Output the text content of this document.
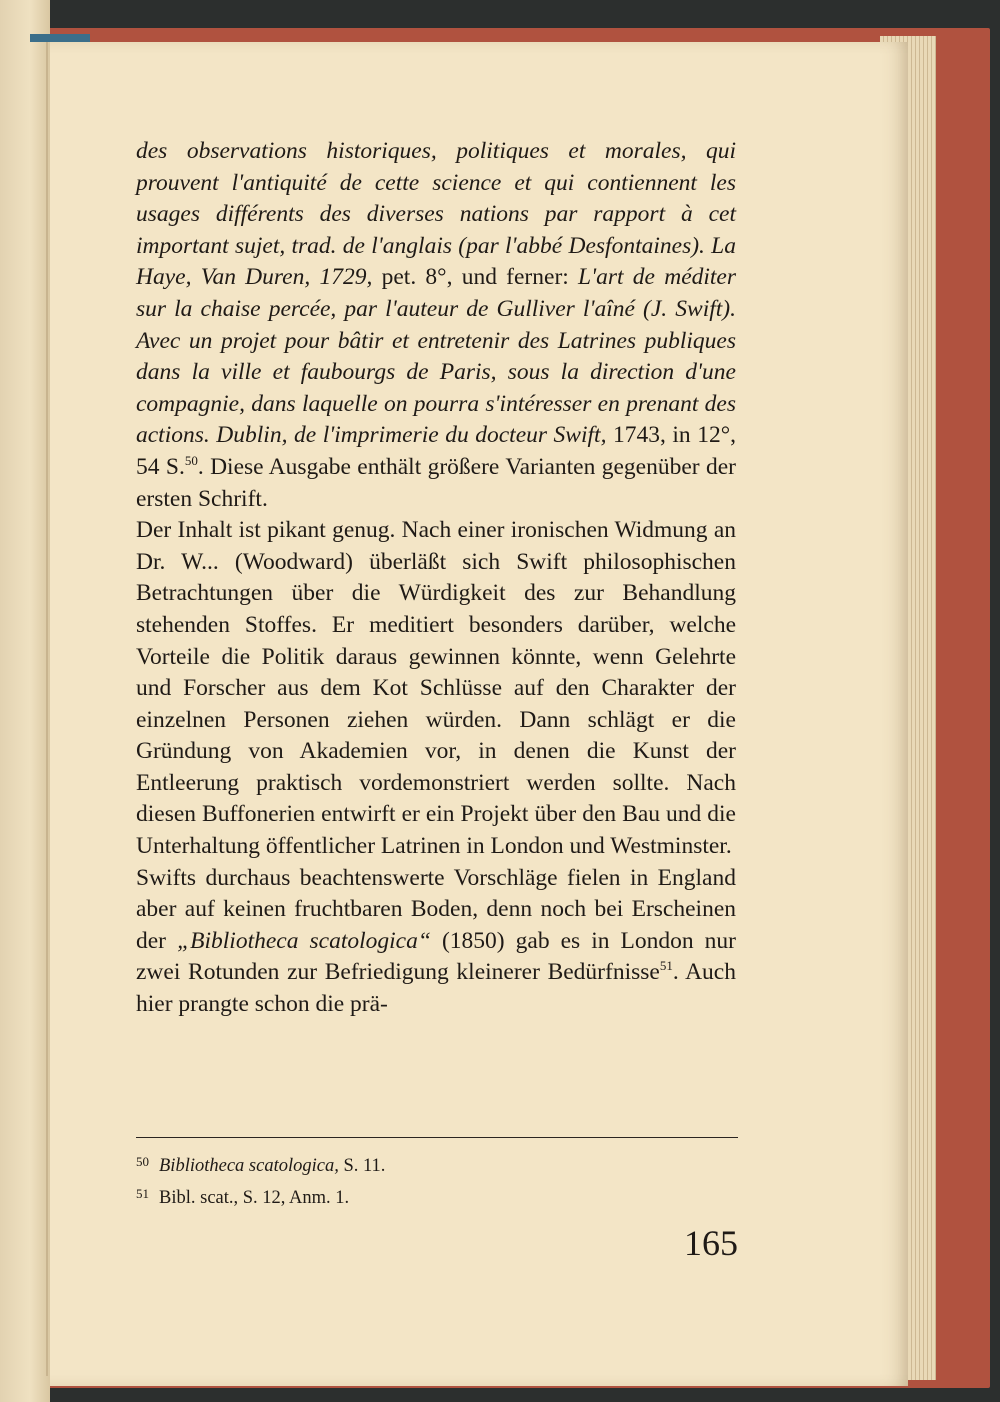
des observations historiques, politiques et morales, qui prouvent l'antiquité de cette science et qui contiennent les usages différents des diverses nations par rapport à cet important sujet, trad. de l'anglais (par l'abbé Desfontaines). La Haye, Van Duren, 1729, pet. 8°, und ferner: L'art de méditer sur la chaise percée, par l'auteur de Gulliver l'aîné (J. Swift). Avec un projet pour bâtir et entretenir des Latrines publiques dans la ville et faubourgs de Paris, sous la direction d'une compagnie, dans laquelle on pourra s'intéresser en prenant des actions. Dublin, de l'imprimerie du docteur Swift, 1743, in 12°, 54 S.$^{50}$. Diese Ausgabe enthält größere Varianten gegenüber der ersten Schrift.

Der Inhalt ist pikant genug. Nach einer ironischen Widmung an Dr. W... (Woodward) überläßt sich Swift philosophischen Betrachtungen über die Würdigkeit des zur Behandlung stehenden Stoffes. Er meditiert besonders darüber, welche Vorteile die Politik daraus gewinnen könnte, wenn Gelehrte und Forscher aus dem Kot Schlüsse auf den Charakter der einzelnen Personen ziehen würden. Dann schlägt er die Gründung von Akademien vor, in denen die Kunst der Entleerung praktisch vordemonstriert werden sollte. Nach diesen Buffonerien entwirft er ein Projekt über den Bau und die Unterhaltung öffentlicher Latrinen in London und Westminster.

Swifts durchaus beachtenswerte Vorschläge fielen in England aber auf keinen fruchtbaren Boden, denn noch bei Erscheinen der „Bibliotheca scatologica“ (1850) gab es in London nur zwei Rotunden zur Befriedigung kleinerer Bedürfnisse$^{51}$. Auch hier prangte schon die prä-

$^{50}$ Bibliotheca scatologica, S. 11.
$^{51}$ Bibl. scat., S. 12, Anm. 1.
165
